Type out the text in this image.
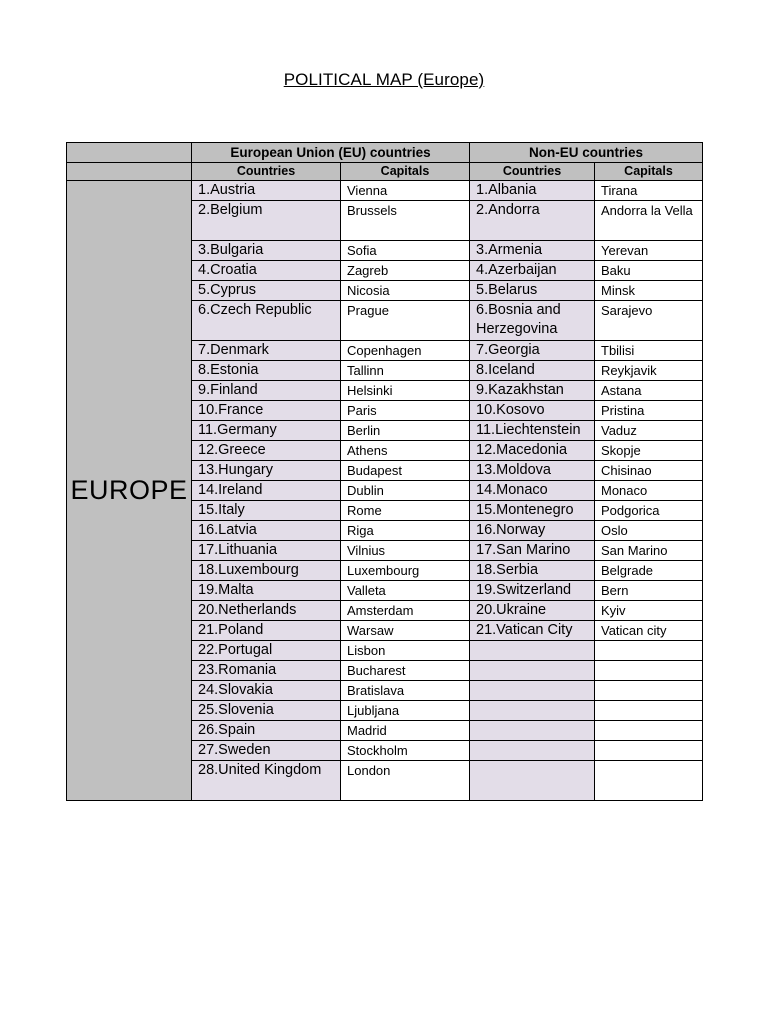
POLITICAL MAP (Europe)
	European Union (EU) countries		Non-EU countries	
	Countries	Capitals	Countries	Capitals
EUROPE	1.Austria	Vienna	1.Albania	Tirana
	2.Belgium	Brussels	2.Andorra	Andorra la Vella
	3.Bulgaria	Sofia	3.Armenia	Yerevan
	4.Croatia	Zagreb	4.Azerbaijan	Baku
	5.Cyprus	Nicosia	5.Belarus	Minsk
	6.Czech Republic	Prague	6.Bosnia and Herzegovina	Sarajevo
	7.Denmark	Copenhagen	7.Georgia	Tbilisi
	8.Estonia	Tallinn	8.Iceland	Reykjavik
	9.Finland	Helsinki	9.Kazakhstan	Astana
	10.France	Paris	10.Kosovo	Pristina
	11.Germany	Berlin	11.Liechtenstein	Vaduz
	12.Greece	Athens	12.Macedonia	Skopje
	13.Hungary	Budapest	13.Moldova	Chisinao
	14.Ireland	Dublin	14.Monaco	Monaco
	15.Italy	Rome	15.Montenegro	Podgorica
	16.Latvia	Riga	16.Norway	Oslo
	17.Lithuania	Vilnius	17.San Marino	San Marino
	18.Luxembourg	Luxembourg	18.Serbia	Belgrade
	19.Malta	Valleta	19.Switzerland	Bern
	20.Netherlands	Amsterdam	20.Ukraine	Kyiv
	21.Poland	Warsaw	21.Vatican City	Vatican city
	22.Portugal	Lisbon		
	23.Romania	Bucharest		
	24.Slovakia	Bratislava		
	25.Slovenia	Ljubljana		
	26.Spain	Madrid		
	27.Sweden	Stockholm		
	28.United Kingdom	London		
